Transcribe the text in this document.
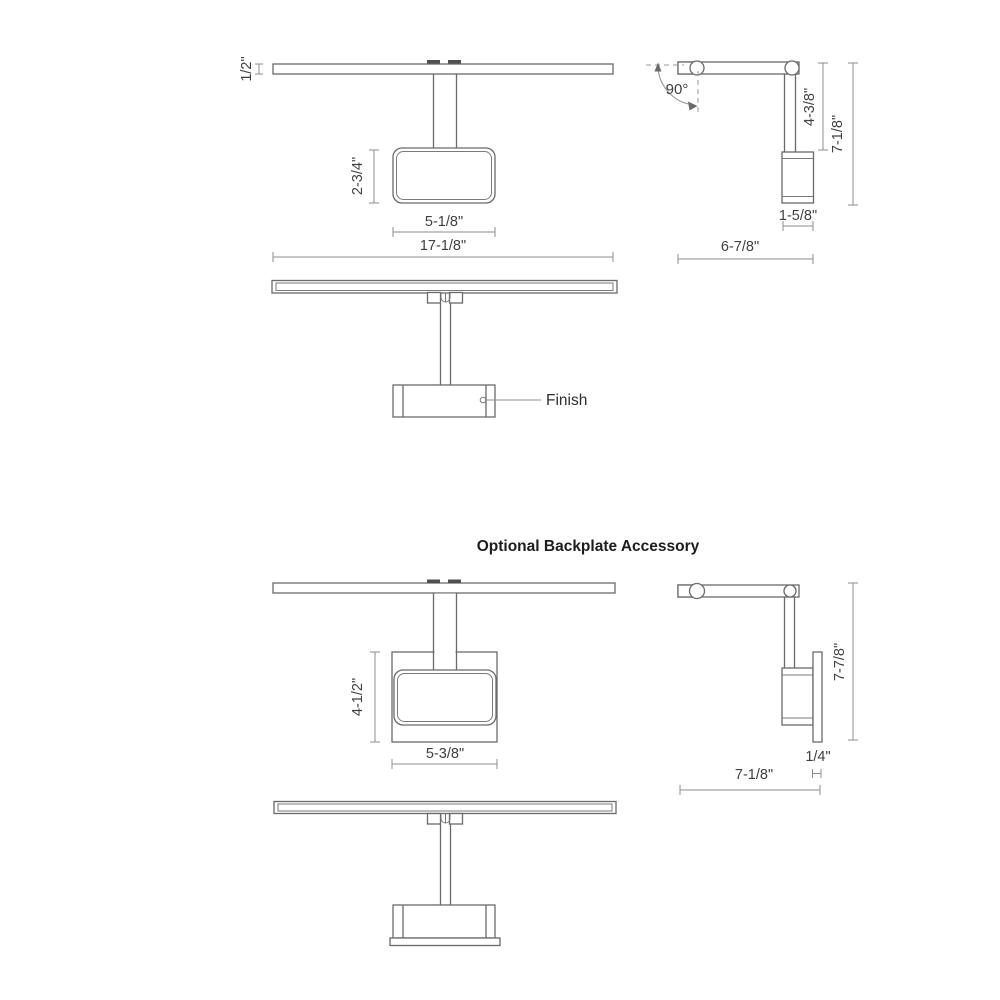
1/2"
2-3/4"
5-1/8"
17-1/8"
90°	4-3/8"
7-1/8"
1-5/8"
6-7/8"
Finish
Optional Backplate Accessory
4-1/2"
5-3/8"
7-7/8"
1/4"
7-1/8"
